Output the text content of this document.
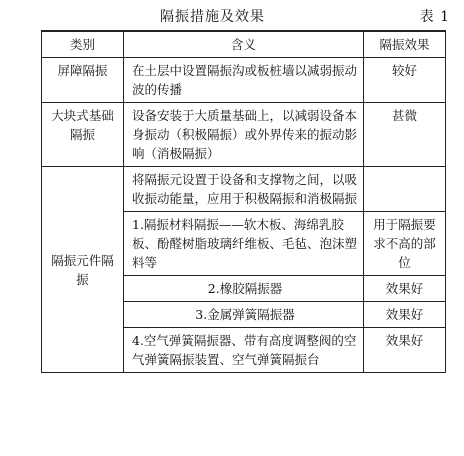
隔振措施及效果	表 1
类别	含义	隔振效果
屏障隔振	在土层中设置隔振沟或板桩墙以减弱振动波的传播	较好
大块式基础隔振	设备安装于大质量基础上，以减弱设备本身振动（积极隔振）或外界传来的振动影响（消极隔振）	甚微
隔振元件隔振	将隔振元设置于设备和支撑物之间，以吸收振动能量，应用于积极隔振和消极隔振	
	1.隔振材料隔振——软木板、海绵乳胶板、酚醛树脂玻璃纤维板、毛毡、泡沫塑料等	用于隔振要求不高的部位
	2.橡胶隔振器	效果好
	3.金属弹簧隔振器	效果好
	4.空气弹簧隔振器、带有高度调整阀的空气弹簧隔振装置、空气弹簧隔振台	效果好
